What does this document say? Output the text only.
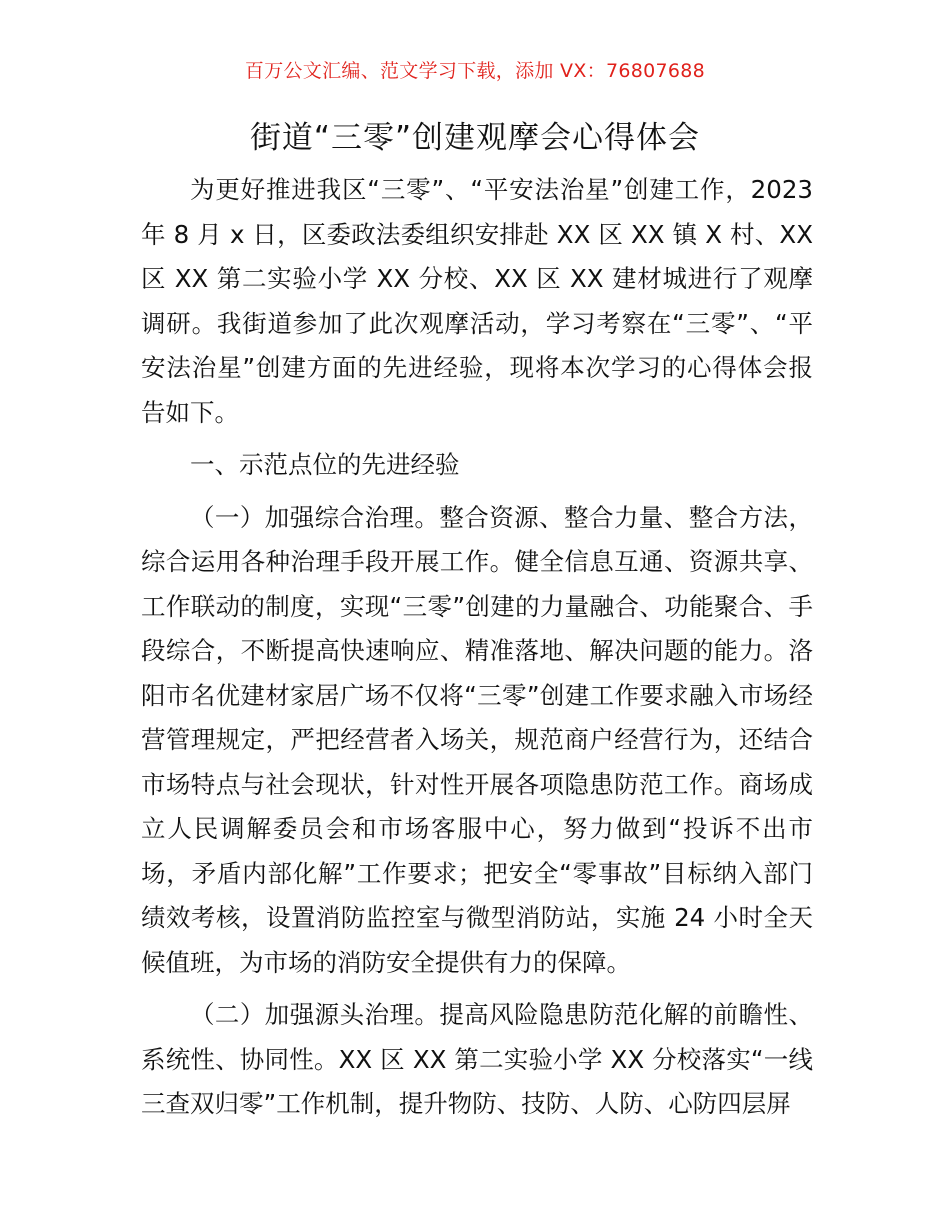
百万公文汇编、范文学习下载，添加 VX：76807688
街道“三零”创建观摩会心得体会

为更好推进我区“三零”、“平安法治星”创建工作，2023年 8 月 x 日，区委政法委组织安排赴 XX 区 XX 镇 X 村、XX区 XX 第二实验小学 XX 分校、XX 区 XX 建材城进行了观摩调研。我街道参加了此次观摩活动，学习考察在“三零”、“平安法治星”创建方面的先进经验，现将本次学习的心得体会报告如下。

一、示范点位的先进经验

（一）加强综合治理。整合资源、整合力量、整合方法，综合运用各种治理手段开展工作。健全信息互通、资源共享、工作联动的制度，实现“三零”创建的力量融合、功能聚合、手段综合，不断提高快速响应、精准落地、解决问题的能力。洛阳市名优建材家居广场不仅将“三零”创建工作要求融入市场经营管理规定，严把经营者入场关，规范商户经营行为，还结合市场特点与社会现状，针对性开展各项隐患防范工作。商场成立人民调解委员会和市场客服中心，努力做到“投诉不出市场，矛盾内部化解”工作要求；把安全“零事故”目标纳入部门绩效考核，设置消防监控室与微型消防站，实施 24 小时全天候值班，为市场的消防安全提供有力的保障。

（二）加强源头治理。提高风险隐患防范化解的前瞻性、系统性、协同性。XX 区 XX 第二实验小学 XX 分校落实“一线三查双归零”工作机制，提升物防、技防、人防、心防四层屏
